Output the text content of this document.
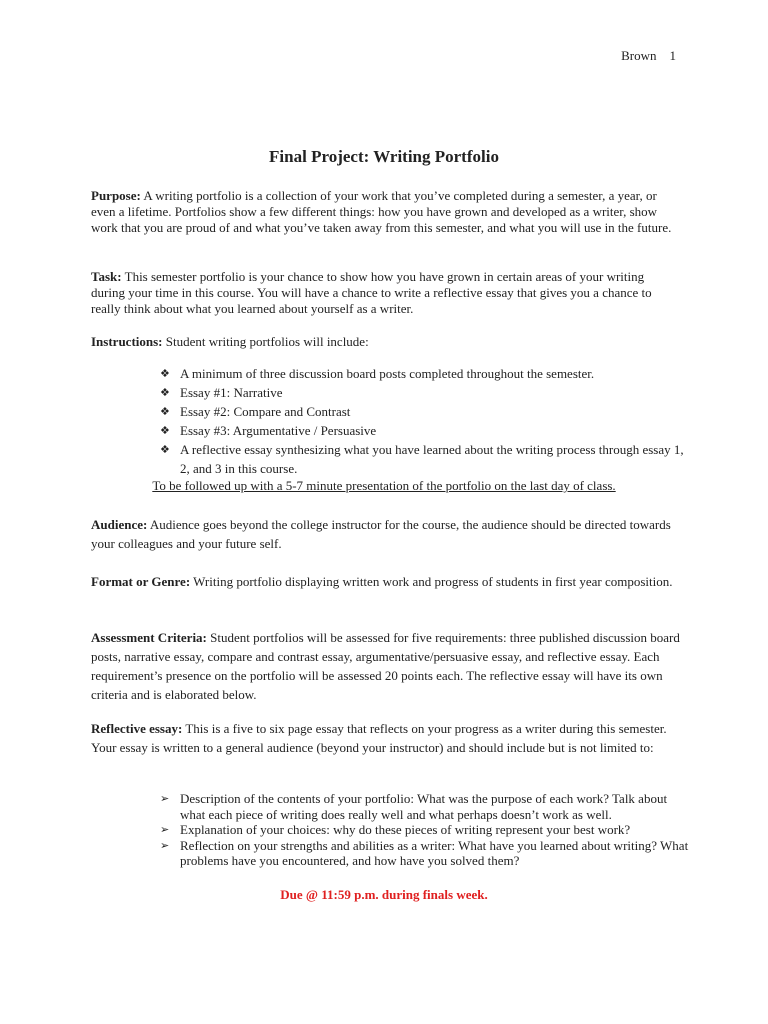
Brown    1
Final Project: Writing Portfolio

Purpose: A writing portfolio is a collection of your work that you’ve completed during a semester, a year, or even a lifetime. Portfolios show a few different things: how you have grown and developed as a writer, show work that you are proud of and what you’ve taken away from this semester, and what you will use in the future.

Task: This semester portfolio is your chance to show how you have grown in certain areas of your writing during your time in this course. You will have a chance to write a reflective essay that gives you a chance to really think about what you learned about yourself as a writer.

Instructions: Student writing portfolios will include:

❖ A minimum of three discussion board posts completed throughout the semester.
❖ Essay #1: Narrative
❖ Essay #2: Compare and Contrast
❖ Essay #3: Argumentative / Persuasive
❖ A reflective essay synthesizing what you have learned about the writing process through essay 1, 2, and 3 in this course.
To be followed up with a 5-7 minute presentation of the portfolio on the last day of class.

Audience: Audience goes beyond the college instructor for the course, the audience should be directed towards your colleagues and your future self.

Format or Genre: Writing portfolio displaying written work and progress of students in first year composition.

Assessment Criteria: Student portfolios will be assessed for five requirements: three published discussion board posts, narrative essay, compare and contrast essay, argumentative/persuasive essay, and reflective essay. Each requirement’s presence on the portfolio will be assessed 20 points each. The reflective essay will have its own criteria and is elaborated below.

Reflective essay: This is a five to six page essay that reflects on your progress as a writer during this semester. Your essay is written to a general audience (beyond your instructor) and should include but is not limited to:

➢ Description of the contents of your portfolio: What was the purpose of each work? Talk about what each piece of writing does really well and what perhaps doesn’t work as well.
➢ Explanation of your choices: why do these pieces of writing represent your best work?
➢ Reflection on your strengths and abilities as a writer: What have you learned about writing? What problems have you encountered, and how have you solved them?
Due @ 11:59 p.m. during finals week.
